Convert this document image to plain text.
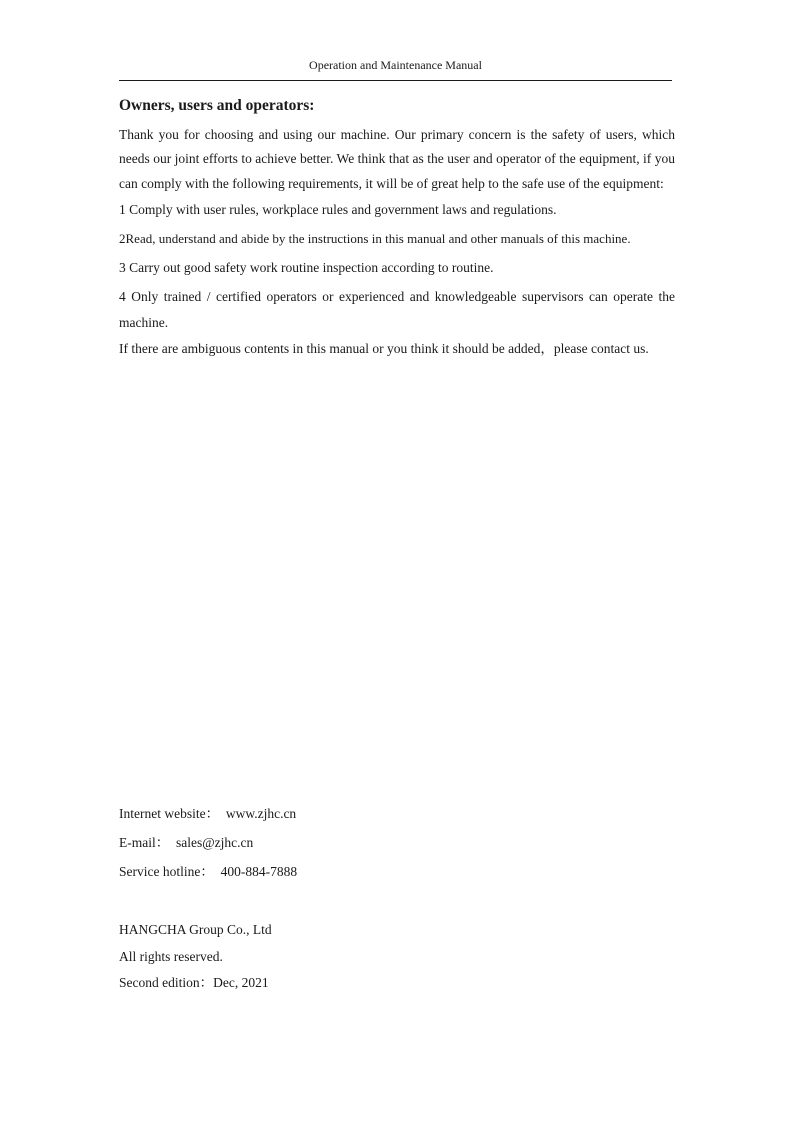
Operation and Maintenance Manual
Owners, users and operators:

Thank you for choosing and using our machine. Our primary concern is the safety of users, which needs our joint efforts to achieve better. We think that as the user and operator of the equipment, if you can comply with the following requirements, it will be of great help to the safe use of the equipment:

1 Comply with user rules, workplace rules and government laws and regulations.

2Read, understand and abide by the instructions in this manual and other manuals of this machine.

3 Carry out good safety work routine inspection according to routine.

4 Only trained / certified operators or experienced and knowledgeable supervisors can operate the machine.

If there are ambiguous contents in this manual or you think it should be added，please contact us.

Internet website：  www.zjhc.cn
E-mail：  sales@zjhc.cn
Service hotline：  400-884-7888
HANGCHA Group Co., Ltd
All rights reserved.
Second edition：Dec, 2021
